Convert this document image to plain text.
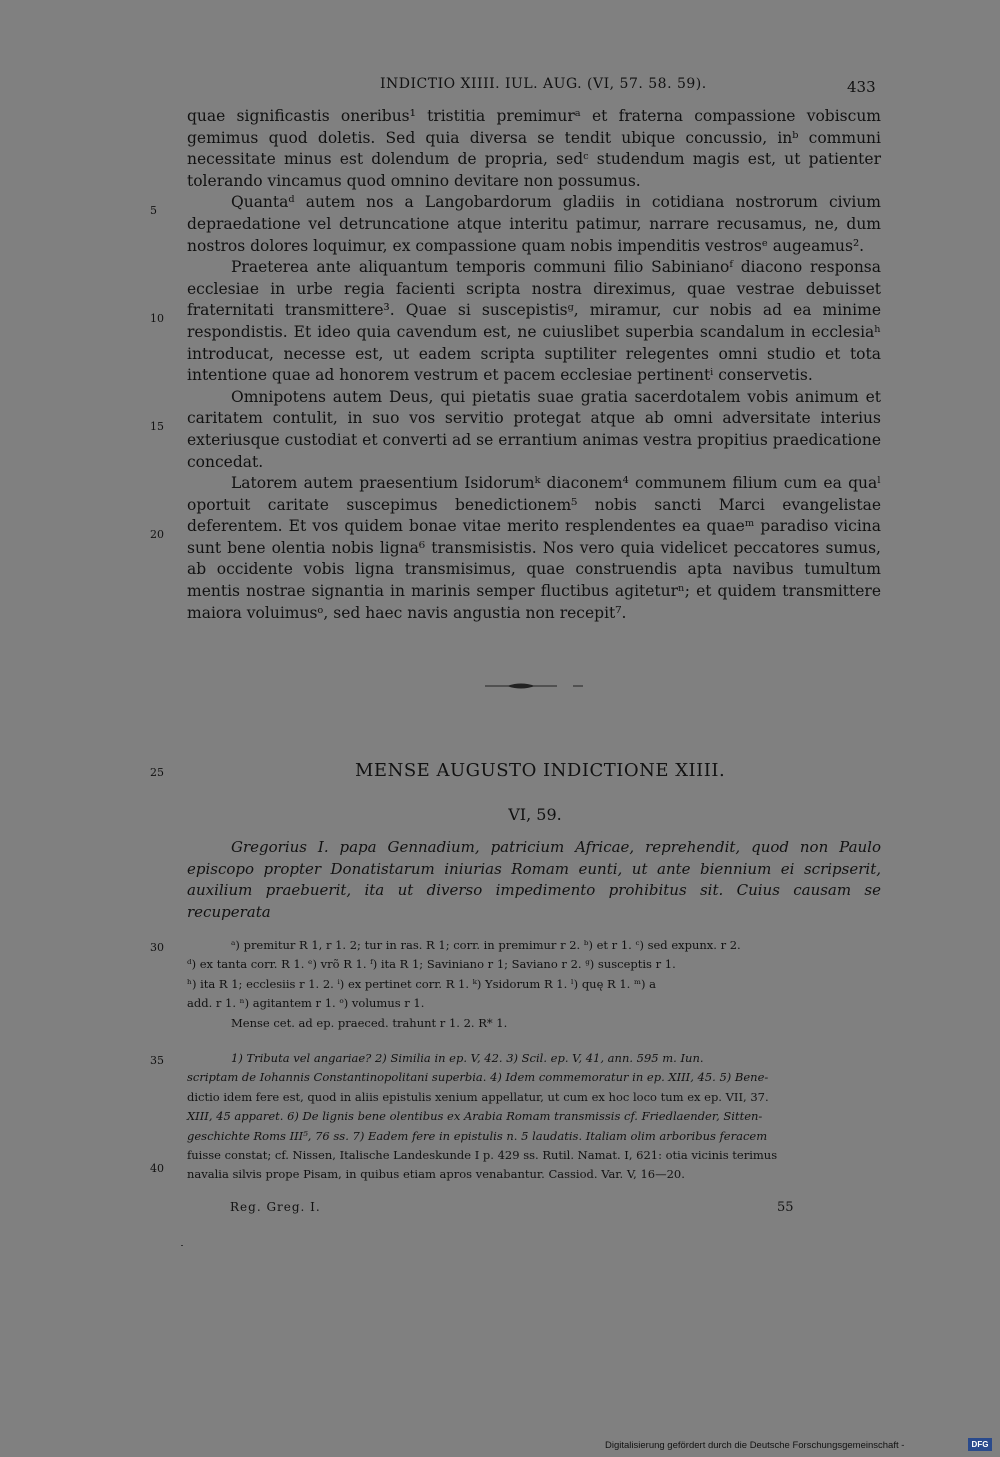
INDICTIO XIIII. IUL. AUG. (VI, 57. 58. 59).	433
5
10
15
20
25
30
35
40

quae significastis oneribus¹ tristitia premimurᵃ et fraterna compassione vobiscum gemimus quod doletis. Sed quia diversa se tendit ubique concussio, inᵇ communi necessitate minus est dolendum de propria, sedᶜ studendum magis est, ut patienter tolerando vincamus quod omnino devitare non possumus.

Quantaᵈ autem nos a Langobardorum gladiis in cotidiana nostrorum civium depraedatione vel detruncatione atque interitu patimur, narrare recusamus, ne, dum nostros dolores loquimur, ex compassione quam nobis impenditis vestrosᵉ augeamus².

Praeterea ante aliquantum temporis communi filio Sabinianoᶠ diacono responsa ecclesiae in urbe regia facienti scripta nostra direximus, quae vestrae debuisset fraternitati transmittere³. Quae si suscepistisᵍ, miramur, cur nobis ad ea minime respondistis. Et ideo quia cavendum est, ne cuiuslibet superbia scandalum in ecclesiaʰ introducat, necesse est, ut eadem scripta suptiliter relegentes omni studio et tota intentione quae ad honorem vestrum et pacem ecclesiae pertinentⁱ conservetis.

Omnipotens autem Deus, qui pietatis suae gratia sacerdotalem vobis animum et caritatem contulit, in suo vos servitio protegat atque ab omni adversitate interius exteriusque custodiat et converti ad se errantium animas vestra propitius praedicatione concedat.

Latorem autem praesentium Isidorumᵏ diaconem⁴ communem filium cum ea quaˡ oportuit caritate suscepimus benedictionem⁵ nobis sancti Marci evangelistae deferentem. Et vos quidem bonae vitae merito resplendentes ea quaeᵐ paradiso vicina sunt bene olentia nobis ligna⁶ transmisistis. Nos vero quia videlicet peccatores sumus, ab occidente vobis ligna transmisimus, quae construendis apta navibus tumultum mentis nostrae signantia in marinis semper fluctibus agiteturⁿ; et quidem transmittere maiora voluimusᵒ, sed haec navis angustia non recepit⁷.

MENSE AUGUSTO INDICTIONE XIIII.
VI, 59.
Gregorius I. papa Gennadium, patricium Africae, reprehendit, quod non Paulo episcopo propter Donatistarum iniurias Romam eunti, ut ante biennium ei scripserit, auxilium praebuerit, ita ut diverso impedimento prohibitus sit. Cuius causam se recuperata
ᵃ) premitur R 1, r 1. 2; tur in ras. R 1; corr. in premimur r 2. ᵇ) et r 1. ᶜ) sed expunx. r 2.
ᵈ) ex tanta corr. R 1. ᵉ) vrõ R 1. ᶠ) ita R 1; Saviniano r 1; Saviano r 2. ᵍ) susceptis r 1.
ʰ) ita R 1; ecclesiis r 1. 2. ⁱ) ex pertinet corr. R 1. ᵏ) Ysidorum R 1. ˡ) quę R 1. ᵐ) a
add. r 1. ⁿ) agitantem r 1. ᵒ) volumus r 1.
Mense cet. ad ep. praeced. trahunt r 1. 2. R* 1.
1) Tributa vel angariae? 2) Similia in ep. V, 42. 3) Scil. ep. V, 41, ann. 595 m. Iun.
scriptam de Iohannis Constantinopolitani superbia. 4) Idem commemoratur in ep. XIII, 45. 5) Bene-
dictio idem fere est, quod in aliis epistulis xenium appellatur, ut cum ex hoc loco tum ex ep. VII, 37.
XIII, 45 apparet. 6) De lignis bene olentibus ex Arabia Romam transmissis cf. Friedlaender, Sitten-
geschichte Roms III⁵, 76 ss. 7) Eadem fere in epistulis n. 5 laudatis. Italiam olim arboribus feracem
fuisse constat; cf. Nissen, Italische Landeskunde I p. 429 ss. Rutil. Namat. I, 621: otia vicinis terimus
navalia silvis prope Pisam, in quibus etiam apros venabantur. Cassiod. Var. V, 16—20.
Reg. Greg. I.	55
Digitalisierung gefördert durch die Deutsche Forschungsgemeinschaft -	DFG
